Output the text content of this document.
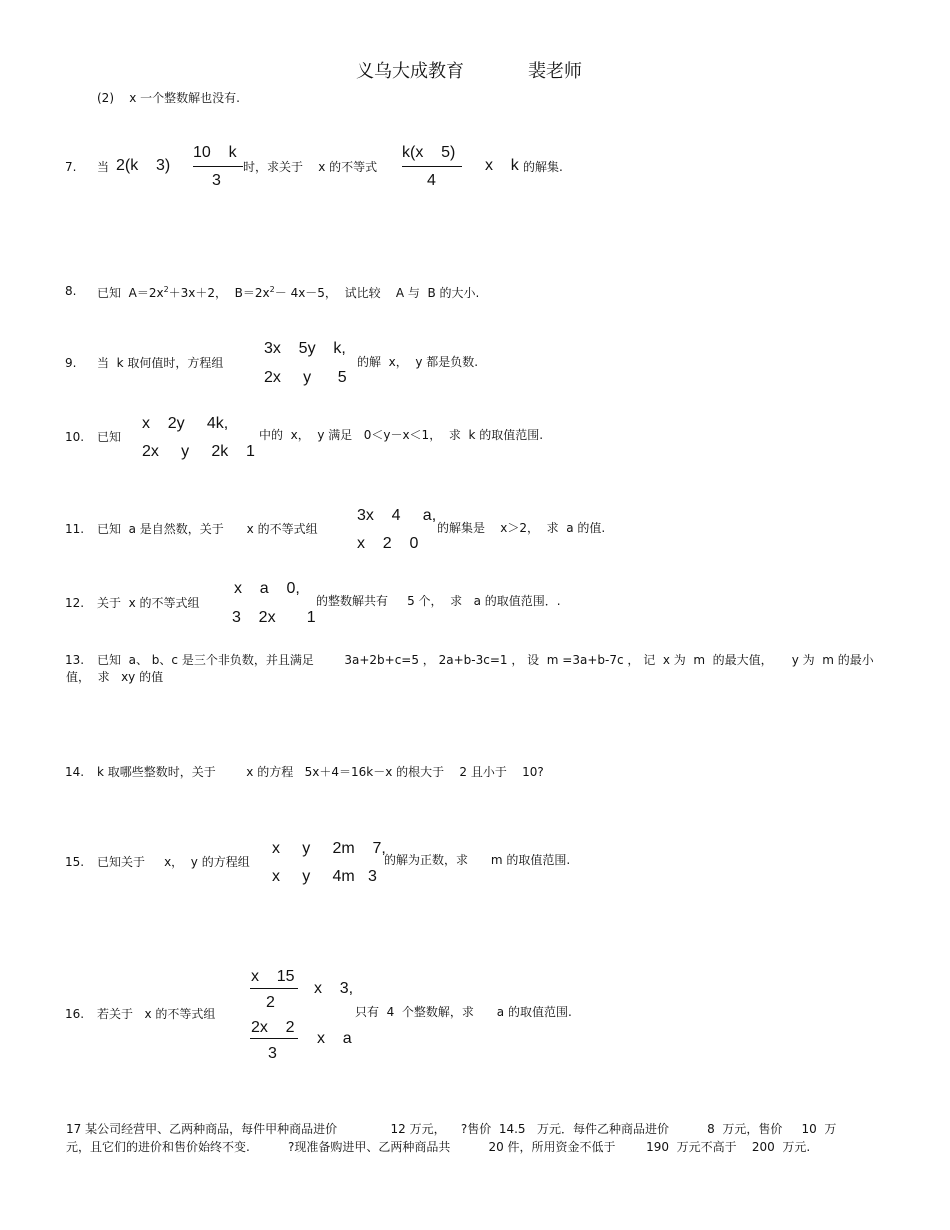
义乌大成教育	裴老师
(2)    x 一个整数解也没有.
7. 当 2(k    3)
10    k
3
时，求关于    x 的不等式
k(x    5)
4
x    k 的解集.
8. 已知  $A=2x^2+3x+2$，  $B=2x^2- 4x-5$，  试比较    A 与  B 的大小.
9. 当  k 取何值时，方程组
3x    5y    k,
2x     y      5
的解  x，  y 都是负数.
10. 已知
x    2y     4k,
2x     y     2k    1
中的  x，  y 满足   0＜y－x＜1，  求  k 的取值范围.
11. 已知  a 是自然数，关于      x 的不等式组
3x    4     a,
x    2    0
的解集是    x＞2，  求  a 的值.
12. 关于  x 的不等式组
x    a    0,
3    2x       1
的整数解共有     5 个，  求   a 的取值范围．.
13. 已知  a、 b、c 是三个非负数，并且满足        3a+2b+c=5 ， 2a+b-3c=1 ， 设  m =3a+b-7c ， 记  x 为  m  的最大值，     y 为  m 的最小
值，  求   xy 的值
14. k 取哪些整数时，关于        x 的方程   5x＋4＝16k－x 的根大于    2 且小于    10?
15. 已知关于     x，  y 的方程组
x     y     2m    7,
x     y     4m   3
的解为正数，求      m 的取值范围.
16. 若关于   x 的不等式组
x    15
2
x    3,
2x    2
3
x    a
只有  4  个整数解，求      a 的取值范围.
17 某公司经营甲、乙两种商品，每件甲种商品进价              12 万元，    ?售价  14.5   万元．每件乙种商品进价          8  万元，售价     10  万
元，且它们的进价和售价始终不变.          ?现准备购进甲、乙两种商品共          20 件，所用资金不低于        190  万元不高于    200  万元.
